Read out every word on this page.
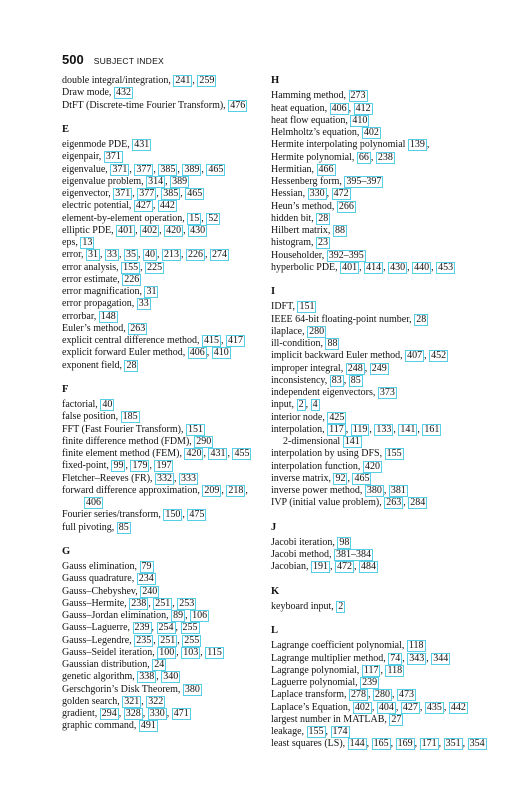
500 SUBJECT INDEX
double integral/integration, 241 , 259
Draw mode, 432
DtFT (Discrete-time Fourier Transform), 476
E
eigenmode PDE, 431
eigenpair, 371
eigenvalue, 371 , 377 , 385 , 389 , 465
eigenvalue problem, 314 , 389
eigenvector, 371 , 377 , 385 , 465
electric potential, 427 , 442
element-by-element operation, 15 , 52
elliptic PDE, 401 , 402 , 420 , 430
eps, 13
error, 31 , 33 , 35 , 40 , 213 , 226 , 274
error analysis, 155 , 225
error estimate, 226
error magnification, 31
error propagation, 33
errorbar, 148
Euler’s method, 263
explicit central difference method, 415 , 417
explicit forward Euler method, 406 , 410
exponent field, 28
F
factorial, 40
false position, 185
FFT (Fast Fourier Transform), 151
finite difference method (FDM), 290
finite element method (FEM), 420 , 431 , 455
fixed-point, 99 , 179 , 197
Fletcher–Reeves (FR), 332 , 333
forward difference approximation, 209 , 218 ,
406
Fourier series/transform, 150 , 475
full pivoting, 85
G
Gauss elimination, 79
Gauss quadrature, 234
Gauss–Chebyshev, 240
Gauss–Hermite, 238 , 251 , 253
Gauss–Jordan elimination, 89 , 106
Gauss–Laguerre, 239 , 254 , 255
Gauss–Legendre, 235 , 251 , 255
Gauss–Seidel iteration, 100 , 103 , 115
Gaussian distribution, 24
genetic algorithm, 338 , 340
Gerschgorin’s Disk Theorem, 380
golden search, 321 , 322
gradient, 294 , 328 , 330 , 471
graphic command, 491
H
Hamming method, 273
heat equation, 406 , 412
heat flow equation, 410
Helmholtz’s equation, 402
Hermite interpolating polynomial 139 ,
Hermite polynomial, 66 , 238
Hermitian, 466
Hessenberg form, 395–397
Hessian, 330 , 472
Heun’s method, 266
hidden bit, 28
Hilbert matrix, 88
histogram, 23
Householder, 392–395
hyperbolic PDE, 401 , 414 , 430 , 440 , 453
I
IDFT, 151
IEEE 64-bit floating-point number, 28
ilaplace, 280
ill-condition, 88
implicit backward Euler method, 407 , 452
improper integral, 248 , 249
inconsistency, 83 , 85
independent eigenvectors, 373
input, 2 , 4
interior node, 425
interpolation, 117 , 119 , 133 , 141 , 161
2-dimensional 141
interpolation by using DFS, 155
interpolation function, 420
inverse matrix, 92 , 465
inverse power method, 380 , 381
IVP (initial value problem), 263 , 284
J
Jacobi iteration, 98
Jacobi method, 381–384
Jacobian, 191 , 472 , 484
K
keyboard input, 2
L
Lagrange coefficient polynomial, 118
Lagrange multiplier method, 74 , 343 , 344
Lagrange polynomial, 117 , 118
Laguerre polynomial, 239
Laplace transform, 278 , 280 , 473
Laplace’s Equation, 402 , 404 , 427 , 435 , 442
largest number in MATLAB, 27
leakage, 155 , 174
least squares (LS), 144 , 165 , 169 , 171 , 351 , 354
